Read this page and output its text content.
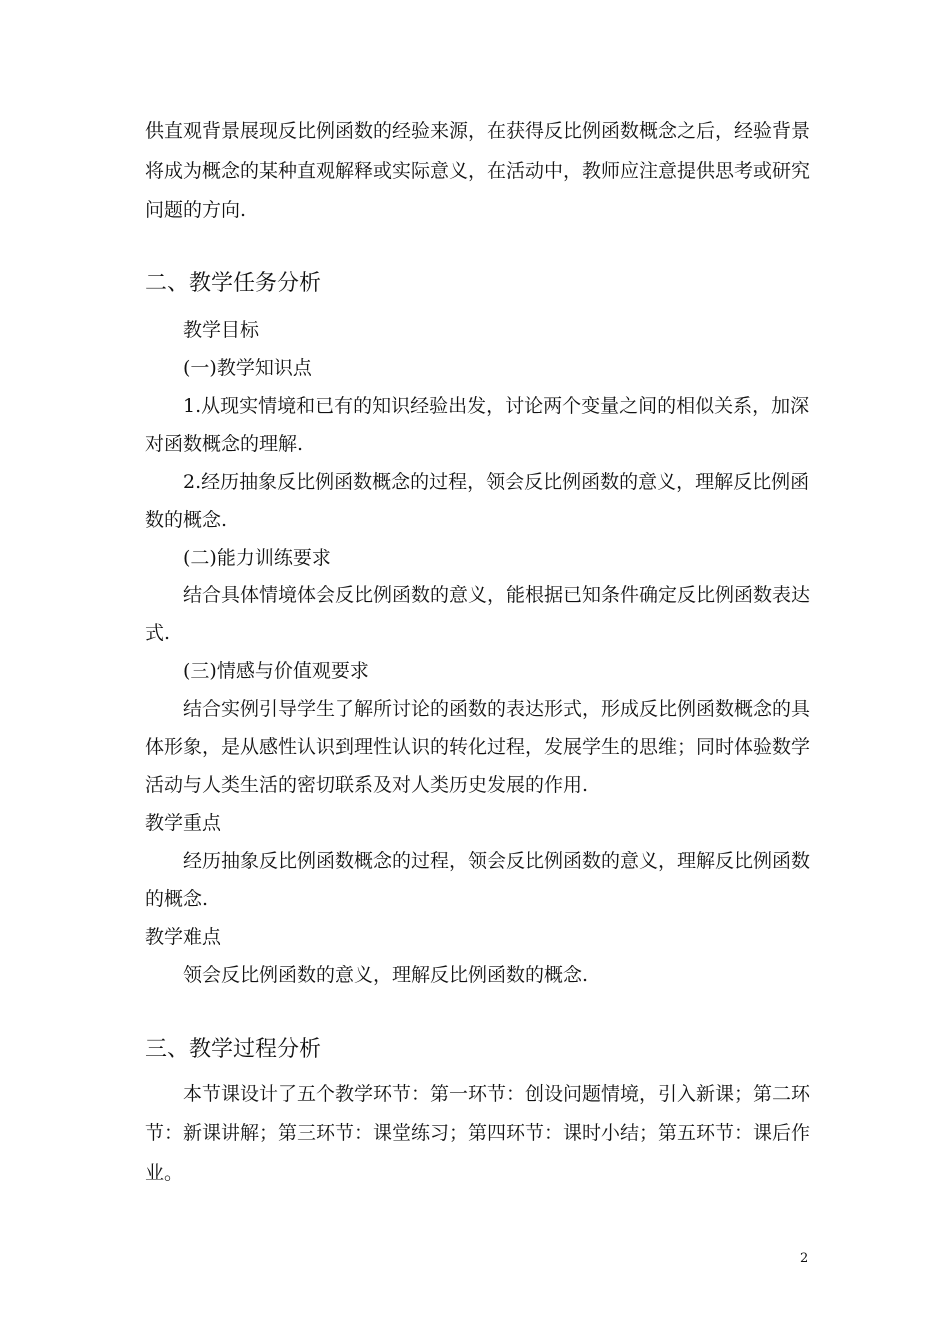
供直观背景展现反比例函数的经验来源，在获得反比例函数概念之后，经验背景
将成为概念的某种直观解释或实际意义，在活动中，教师应注意提供思考或研究
问题的方向.
二、教学任务分析
教学目标
(一)教学知识点
1.从现实情境和已有的知识经验出发，讨论两个变量之间的相似关系，加深
对函数概念的理解.
2.经历抽象反比例函数概念的过程，领会反比例函数的意义，理解反比例函
数的概念.
(二)能力训练要求
结合具体情境体会反比例函数的意义，能根据已知条件确定反比例函数表达
式.
(三)情感与价值观要求
结合实例引导学生了解所讨论的函数的表达形式，形成反比例函数概念的具
体形象，是从感性认识到理性认识的转化过程，发展学生的思维；同时体验数学
活动与人类生活的密切联系及对人类历史发展的作用.
教学重点
经历抽象反比例函数概念的过程，领会反比例函数的意义，理解反比例函数
的概念.
教学难点
领会反比例函数的意义，理解反比例函数的概念.
三、教学过程分析
本节课设计了五个教学环节：第一环节：创设问题情境，引入新课；第二环
节：新课讲解；第三环节：课堂练习；第四环节：课时小结；第五环节：课后作
业。
2
